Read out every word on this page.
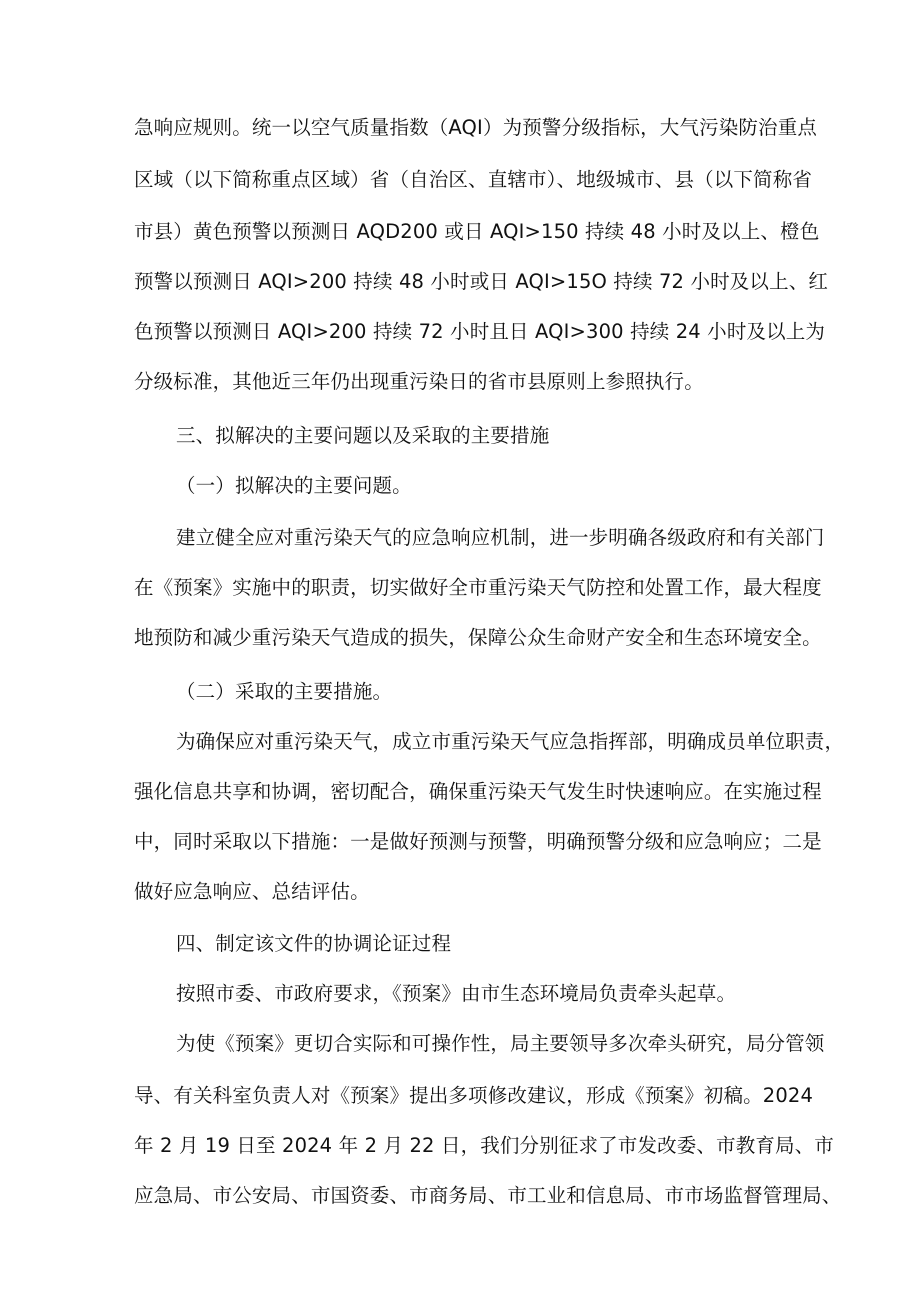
急响应规则。统一以空气质量指数（AQI）为预警分级指标，大气污染防治重点
区域（以下简称重点区域）省（自治区、直辖市）、地级城市、县（以下简称省
市县）黄色预警以预测日 AQD200 或日 AQI>150 持续 48 小时及以上、橙色
预警以预测日 AQI>200 持续 48 小时或日 AQI>15O 持续 72 小时及以上、红
色预警以预测日 AQI>200 持续 72 小时且日 AQI>300 持续 24 小时及以上为
分级标准，其他近三年仍出现重污染日的省市县原则上参照执行。
三、拟解决的主要问题以及采取的主要措施
（一）拟解决的主要问题。
建立健全应对重污染天气的应急响应机制，进一步明确各级政府和有关部门
在《预案》实施中的职责，切实做好全市重污染天气防控和处置工作，最大程度
地预防和减少重污染天气造成的损失，保障公众生命财产安全和生态环境安全。
（二）采取的主要措施。
为确保应对重污染天气，成立市重污染天气应急指挥部，明确成员单位职责，
强化信息共享和协调，密切配合，确保重污染天气发生时快速响应。在实施过程
中，同时采取以下措施：一是做好预测与预警，明确预警分级和应急响应；二是
做好应急响应、总结评估。
四、制定该文件的协调论证过程
按照市委、市政府要求，《预案》由市生态环境局负责牵头起草。
为使《预案》更切合实际和可操作性，局主要领导多次牵头研究，局分管领
导、有关科室负责人对《预案》提出多项修改建议，形成《预案》初稿。2024
年 2 月 19 日至 2024 年 2 月 22 日，我们分别征求了市发改委、市教育局、市
应急局、市公安局、市国资委、市商务局、市工业和信息局、市市场监督管理局、
